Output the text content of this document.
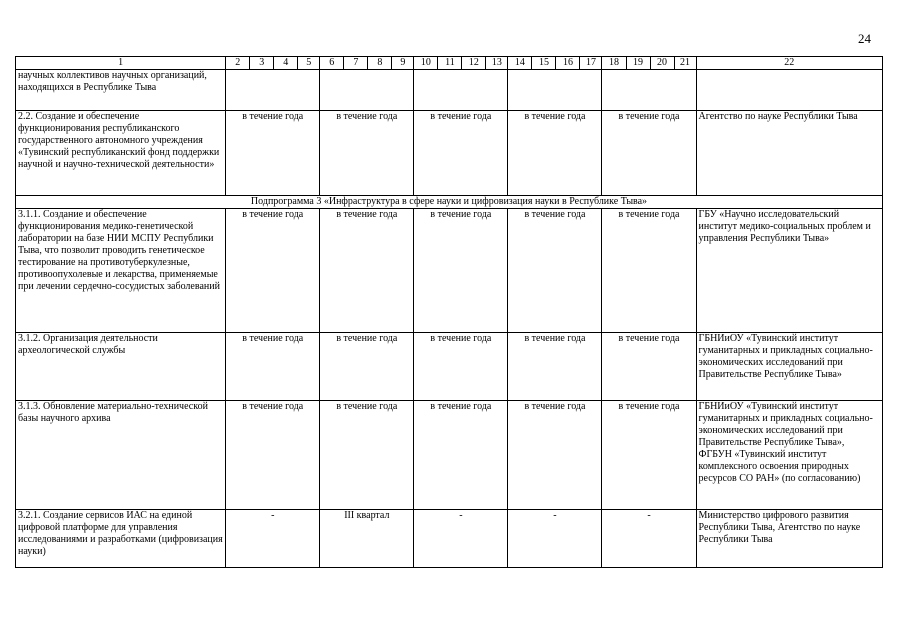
24
1	2	3	4	5	6	7	8	9	10	11	12	13	14	15	16	17	18	19	20	21	22
научных коллективов научных организаций, находящихся в Республике Тыва																					
2.2. Создание и обеспечение функционирования республиканского государственного автономного учреждения «Тувинский республиканский фонд поддержки научной и научно-технической деятельности»	в течение года				в течение года				в течение года				в течение года				в течение года				Агентство по науке Республики Тыва
Подпрограмма 3 «Инфраструктура в сфере науки и цифровизация науки в Республике Тыва»																					
3.1.1. Создание и обеспечение функционирования медико-генетической лаборатории на базе НИИ МСПУ Республики Тыва, что позволит проводить генетическое тестирование на противотуберкулезные, противоопухолевые и лекарства, применяемые при лечении сердечно-сосудистых заболеваний	в течение года				в течение года				в течение года				в течение года				в течение года				ГБУ «Научно исследовательский институт медико-социальных проблем и управления Республики Тыва»
3.1.2. Организация деятельности археологической службы	в течение года				в течение года				в течение года				в течение года				в течение года				ГБНИиОУ «Тувинский институт гуманитарных и прикладных социально-экономических исследований при Правительстве Республике Тыва»
3.1.3. Обновление материально-технической базы научного архива	в течение года				в течение года				в течение года				в течение года				в течение года				ГБНИиОУ «Тувинский институт гуманитарных и прикладных социально-экономических исследований при Правительстве Республике Тыва», ФГБУН «Тувинский институт комплексного освоения природных ресурсов СО РАН» (по согласованию)
3.2.1. Создание сервисов ИАС на единой цифровой платформе для управления исследованиями и разработками (цифровизация науки)	-				III квартал				-				-				-				Министерство цифрового развития Республики Тыва, Агентство по науке Республики Тыва
